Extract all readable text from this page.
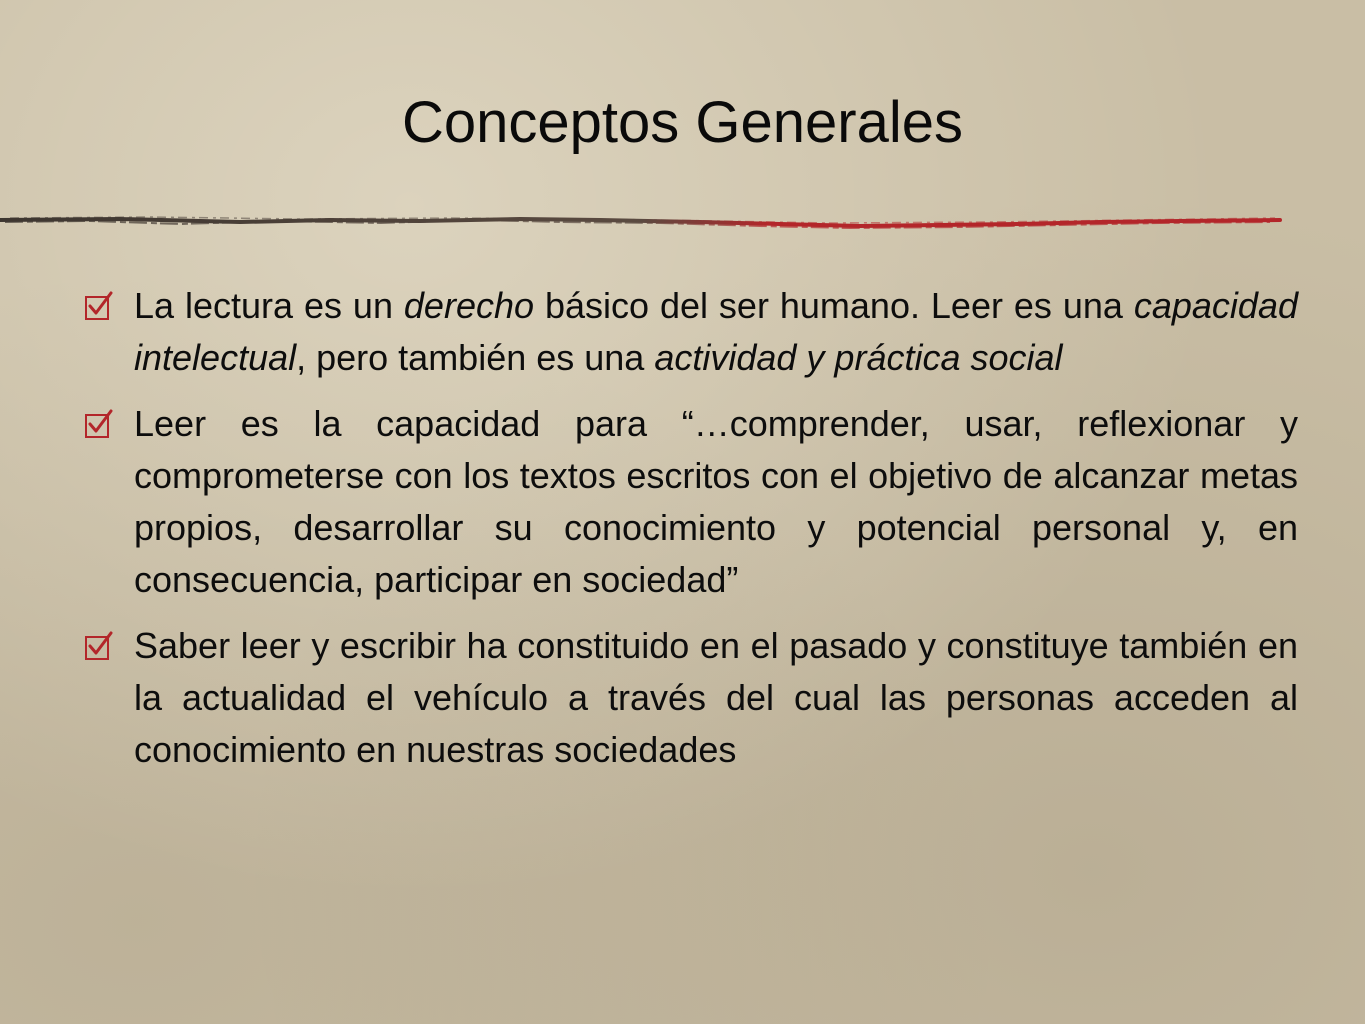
Conceptos Generales
La lectura es un derecho básico del ser humano. Leer es una capacidad intelectual, pero también es una actividad y práctica social
Leer es la capacidad para “…comprender, usar, reflexionar y comprometerse con los textos escritos con el objetivo de alcanzar metas propios, desarrollar su conocimiento y potencial personal y, en consecuencia, participar en sociedad”
Saber leer y escribir ha constituido en el pasado y constituye también en la actualidad el vehículo a través del cual las personas acceden al conocimiento en nuestras sociedades
